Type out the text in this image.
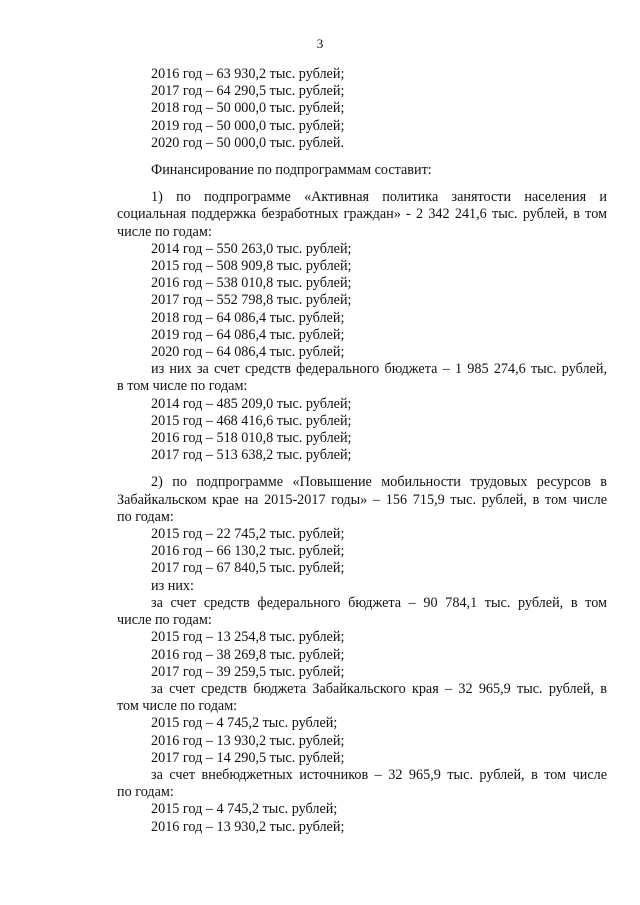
3
2016 год – 63 930,2 тыс. рублей;
2017 год – 64 290,5 тыс. рублей;
2018 год – 50 000,0 тыс. рублей;
2019 год – 50 000,0 тыс. рублей;
2020 год – 50 000,0 тыс. рублей.
Финансирование по подпрограммам составит:
1) по подпрограмме «Активная политика занятости населения и
социальная поддержка безработных граждан» - 2 342 241,6 тыс. рублей, в том
числе по годам:
2014 год – 550 263,0 тыс. рублей;
2015 год – 508 909,8 тыс. рублей;
2016 год – 538 010,8 тыс. рублей;
2017 год – 552 798,8 тыс. рублей;
2018 год – 64 086,4 тыс. рублей;
2019 год – 64 086,4 тыс. рублей;
2020 год – 64 086,4 тыс. рублей;
из них за счет средств федерального бюджета – 1 985 274,6 тыс. рублей,
в том числе по годам:
2014 год – 485 209,0 тыс. рублей;
2015 год – 468 416,6 тыс. рублей;
2016 год – 518 010,8 тыс. рублей;
2017 год – 513 638,2 тыс. рублей;
2) по подпрограмме «Повышение мобильности трудовых ресурсов в
Забайкальском крае на 2015-2017 годы» – 156 715,9 тыс. рублей, в том числе
по годам:
2015 год – 22 745,2 тыс. рублей;
2016 год – 66 130,2 тыс. рублей;
2017 год – 67 840,5 тыс. рублей;
из них:
за счет средств федерального бюджета – 90 784,1 тыс. рублей, в том
числе по годам:
2015 год – 13 254,8 тыс. рублей;
2016 год – 38 269,8 тыс. рублей;
2017 год – 39 259,5 тыс. рублей;
за счет средств бюджета Забайкальского края – 32 965,9 тыс. рублей, в
том числе по годам:
2015 год – 4 745,2 тыс. рублей;
2016 год – 13 930,2 тыс. рублей;
2017 год – 14 290,5 тыс. рублей;
за счет внебюджетных источников – 32 965,9 тыс. рублей, в том числе
по годам:
2015 год – 4 745,2 тыс. рублей;
2016 год – 13 930,2 тыс. рублей;
